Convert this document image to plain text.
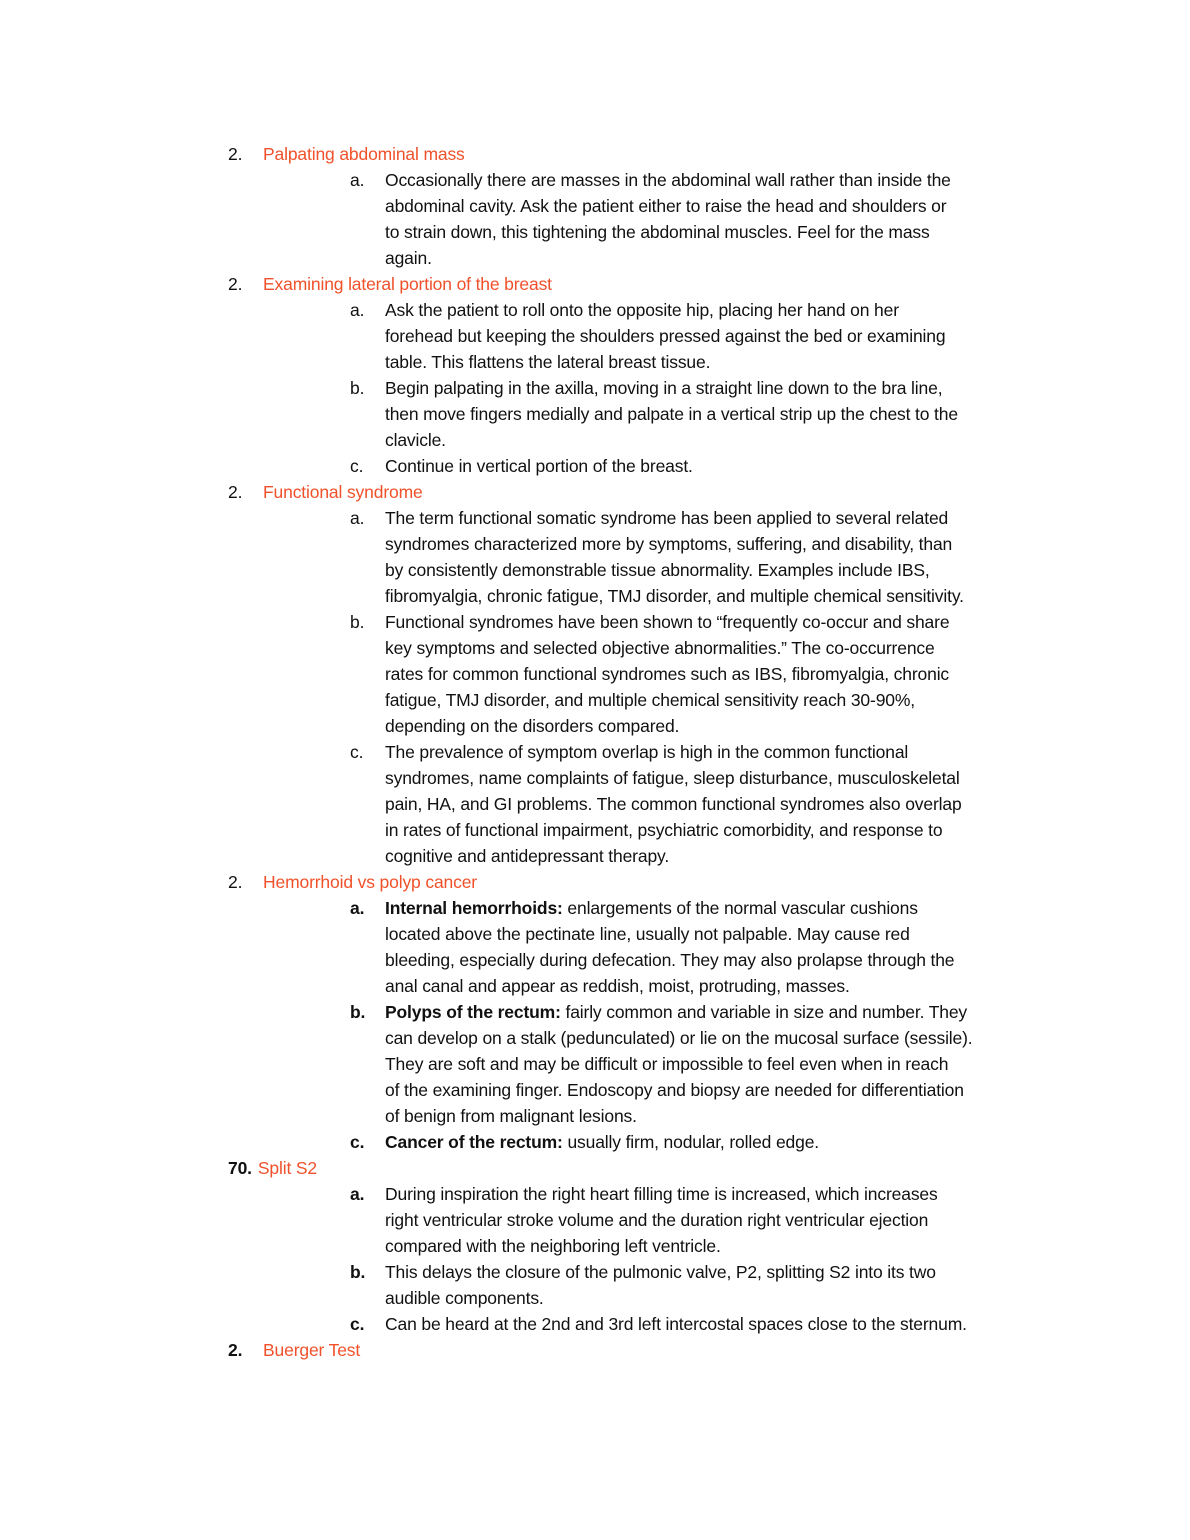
2. Palpating abdominal mass
a. Occasionally there are masses in the abdominal wall rather than inside the
abdominal cavity. Ask the patient either to raise the head and shoulders or
to strain down, this tightening the abdominal muscles. Feel for the mass
again.
2. Examining lateral portion of the breast
a. Ask the patient to roll onto the opposite hip, placing her hand on her
forehead but keeping the shoulders pressed against the bed or examining
table. This flattens the lateral breast tissue.
b. Begin palpating in the axilla, moving in a straight line down to the bra line,
then move fingers medially and palpate in a vertical strip up the chest to the
clavicle.
c. Continue in vertical portion of the breast.
2. Functional syndrome
a. The term functional somatic syndrome has been applied to several related
syndromes characterized more by symptoms, suffering, and disability, than
by consistently demonstrable tissue abnormality. Examples include IBS,
fibromyalgia, chronic fatigue, TMJ disorder, and multiple chemical sensitivity.
b. Functional syndromes have been shown to “frequently co-occur and share
key symptoms and selected objective abnormalities.” The co-occurrence
rates for common functional syndromes such as IBS, fibromyalgia, chronic
fatigue, TMJ disorder, and multiple chemical sensitivity reach 30-90%,
depending on the disorders compared.
c. The prevalence of symptom overlap is high in the common functional
syndromes, name complaints of fatigue, sleep disturbance, musculoskeletal
pain, HA, and GI problems. The common functional syndromes also overlap
in rates of functional impairment, psychiatric comorbidity, and response to
cognitive and antidepressant therapy.
2. Hemorrhoid vs polyp cancer
a. Internal hemorrhoids: enlargements of the normal vascular cushions
located above the pectinate line, usually not palpable. May cause red
bleeding, especially during defecation. They may also prolapse through the
anal canal and appear as reddish, moist, protruding, masses.
b. Polyps of the rectum: fairly common and variable in size and number. They
can develop on a stalk (pedunculated) or lie on the mucosal surface (sessile).
They are soft and may be difficult or impossible to feel even when in reach
of the examining finger. Endoscopy and biopsy are needed for differentiation
of benign from malignant lesions.
c. Cancer of the rectum: usually firm, nodular, rolled edge.
70. Split S2
a. During inspiration the right heart filling time is increased, which increases
right ventricular stroke volume and the duration right ventricular ejection
compared with the neighboring left ventricle.
b. This delays the closure of the pulmonic valve, P2, splitting S2 into its two
audible components.
c. Can be heard at the 2nd and 3rd left intercostal spaces close to the sternum.
2. Buerger Test
